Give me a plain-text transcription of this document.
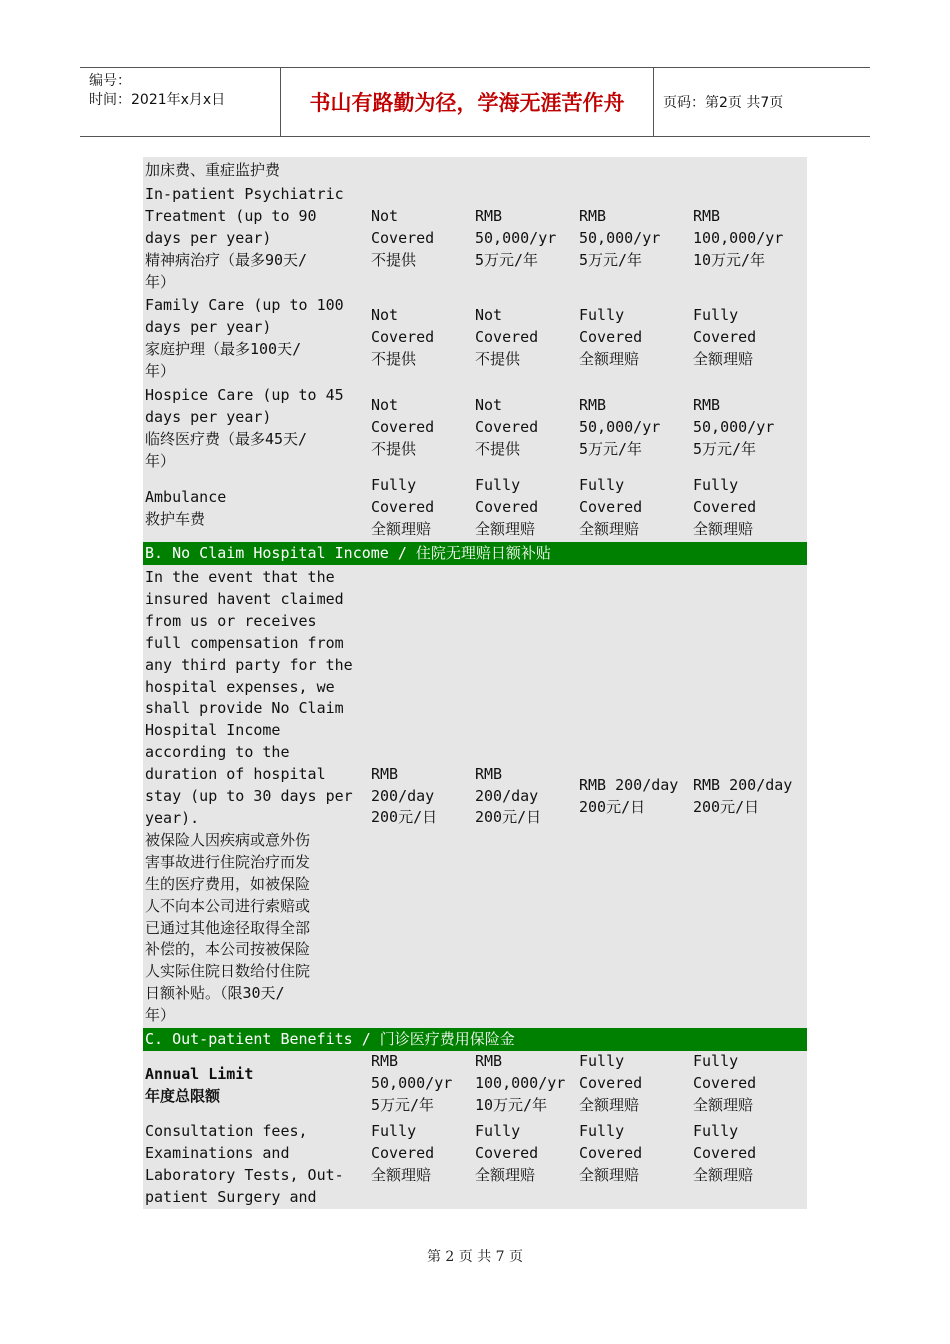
编号：
时间：2021年x月x日	书山有路勤为径，学海无涯苦作舟	页码：第2页 共7页
加床费、重症监护费
In-patient Psychiatric
Treatment (up to 90
days per year)
精神病治疗（最多90天/
年）
Not
Covered
不提供
RMB
50,000/yr
5万元/年
RMB
50,000/yr
5万元/年
RMB
100,000/yr
10万元/年
Family Care (up to 100
days per year)
家庭护理（最多100天/
年）
Not
Covered
不提供
Not
Covered
不提供
Fully
Covered
全额理赔
Fully
Covered
全额理赔
Hospice Care (up to 45
days per year)
临终医疗费（最多45天/
年）
Not
Covered
不提供
Not
Covered
不提供
RMB
50,000/yr
5万元/年
RMB
50,000/yr
5万元/年
Ambulance
救护车费
Fully
Covered
全额理赔
Fully
Covered
全额理赔
Fully
Covered
全额理赔
Fully
Covered
全额理赔
B. No Claim Hospital Income / 住院无理赔日额补贴
In the event that the
insured havent claimed
from us or receives
full compensation from
any third party for the
hospital expenses, we
shall provide No Claim
Hospital Income
according to the
duration of hospital
stay (up to 30 days per
year).
被保险人因疾病或意外伤
害事故进行住院治疗而发
生的医疗费用，如被保险
人不向本公司进行索赔或
已通过其他途径取得全部
补偿的，本公司按被保险
人实际住院日数给付住院
日额补贴。（限30天/
年）
RMB
200/day
200元/日
RMB
200/day
200元/日
RMB 200/day
200元/日
RMB 200/day
200元/日
C. Out-patient Benefits / 门诊医疗费用保险金
Annual Limit
年度总限额
RMB
50,000/yr
5万元/年
RMB
100,000/yr
10万元/年
Fully
Covered
全额理赔
Fully
Covered
全额理赔
Consultation fees,
Examinations and
Laboratory Tests, Out-
patient Surgery and
Fully
Covered
全额理赔
Fully
Covered
全额理赔
Fully
Covered
全额理赔
Fully
Covered
全额理赔
第 2 页 共 7 页
